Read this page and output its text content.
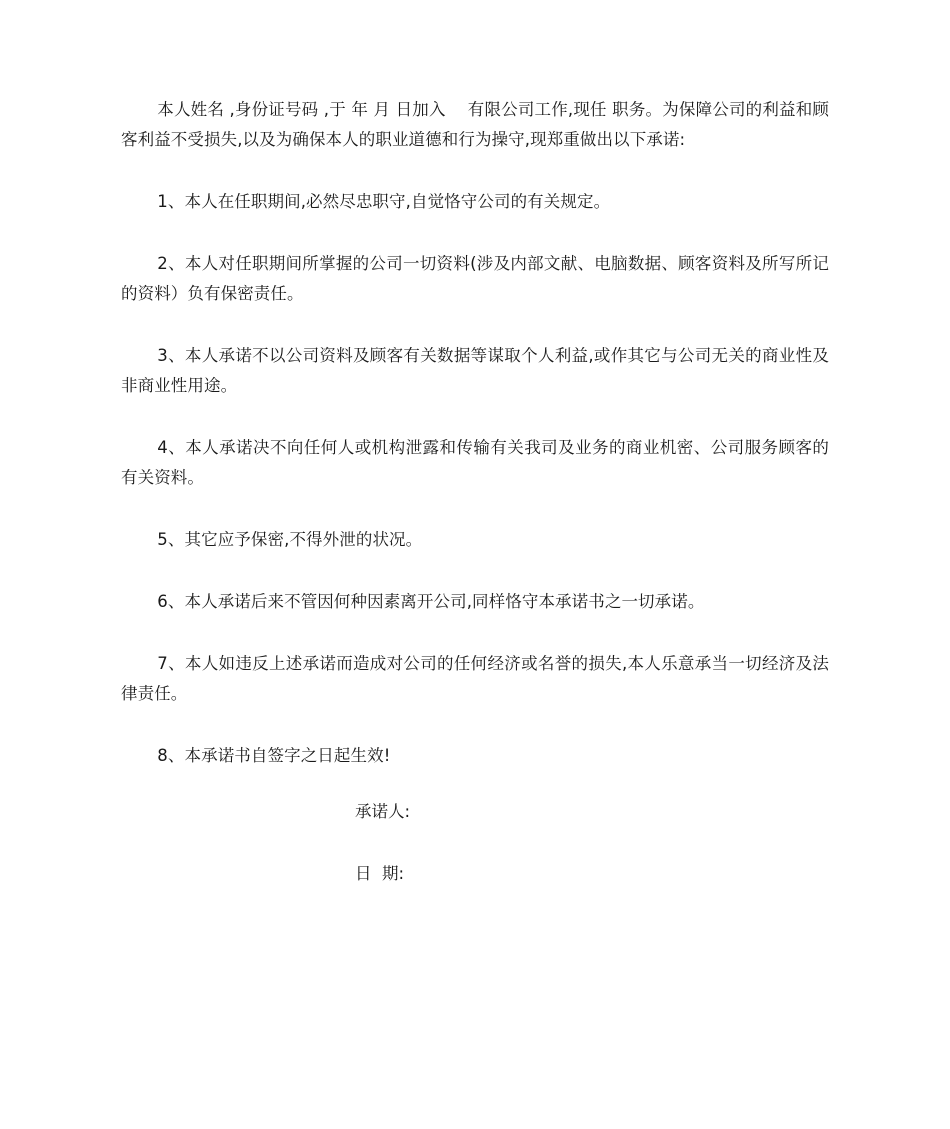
本人姓名 ,身份证号码 ,于 年 月 日加入　 有限公司工作,现任 职务。为保障公司的利益和顾客利益不受损失,以及为确保本人的职业道德和行为操守,现郑重做出以下承诺:

1、本人在任职期间,必然尽忠职守,自觉恪守公司的有关规定。

2、本人对任职期间所掌握的公司一切资料(涉及内部文献、电脑数据、顾客资料及所写所记的资料）负有保密责任。

3、本人承诺不以公司资料及顾客有关数据等谋取个人利益,或作其它与公司无关的商业性及非商业性用途。

4、本人承诺决不向任何人或机构泄露和传输有关我司及业务的商业机密、公司服务顾客的有关资料。

5、其它应予保密,不得外泄的状况。

6、本人承诺后来不管因何种因素离开公司,同样恪守本承诺书之一切承诺。

7、本人如违反上述承诺而造成对公司的任何经济或名誉的损失,本人乐意承当一切经济及法律责任。

8、本承诺书自签字之日起生效!

承诺人:
日  期:
